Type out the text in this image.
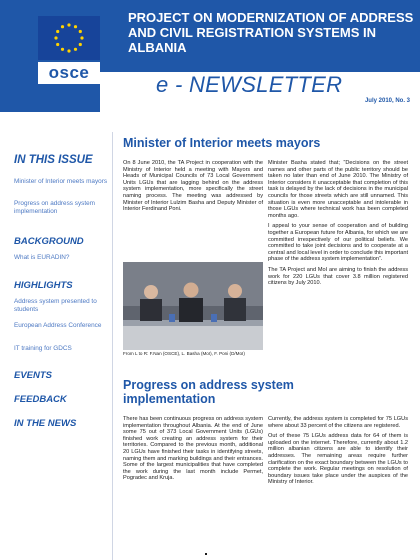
osce
PROJECT ON MODERNIZATION OF ADDRESS AND CIVIL REGISTRATION SYSTEMS IN ALBANIA
e - NEWSLETTER
July 2010, No. 3
IN THIS ISSUE
Minister of Interior meets mayors
Progress on address system implementation
BACKGROUND
What is EURADIN?
HIGHLIGHTS
Address system presented to students
European Address Conference
IT training for GDCS
EVENTS
FEEDBACK
IN THE NEWS
Minister of Interior meets mayors

On 8 June 2010, the TA Project in cooperation with the Ministry of Interior held a meeting with Mayors and Heads of Municipal Councils of 73 Local Government Units LGUs that are lagging behind on the address system implementation, more specifically the street naming process. The meeting was addressed by Minister of Interior Lulzim Basha and Deputy Minister of Interior Ferdinand Poni.

From L to R: F.Nan (OSCE), L. Basha (MoI), F. Poni (D/MoI)

Minister Basha stated that; “Decisions on the street names and other parts of the public territory should be taken no later than end of June 2010. The Ministry of Interior considers it unacceptable that completion of this task is delayed by the lack of decisions in the municipal councils for those streets which are still unnamed. This situation is even more unacceptable and intolerable in those LGUs where technical work has been completed months ago.

I appeal to your sense of cooperation and of building together a European future for Albania, for which we are committed irrespectively of our political beliefs. We committed to take joint decisions and to cooperate at a central and local level in order to conclude this important phase of the address system implementation”.

The TA Project and MoI are aiming to finish the address work for 220 LGUs that cover 3.8 million registered citizens by July 2010.

Progress on address system implementation

There has been continuous progress on address system implementation throughout Albania. At the end of June some 75 out of 373 Local Government Units (LGUs) finished work creating an address system for their territories. Compared to the previous month, additional 20 LGUs have finished their tasks in identifying streets, naming them and marking buildings and their entrances. Some of the largest municipalities that have completed the work during the last month include Permet, Pogradec and Kruja.

Currently, the address system is completed for 75 LGUs where about 33 percent of the citizens are registered.

Out of these 75 LGUs address data for 64 of them is uploaded on the internet. Therefore, currently about 1.2 million albanian citizens are able to identify their addresses. The remaining areas require further clarification on the exact boundary between the LGUs to complete the work. Regular meetings on resolution of boundary issues take place under the auspices of the Ministry of Interior.
